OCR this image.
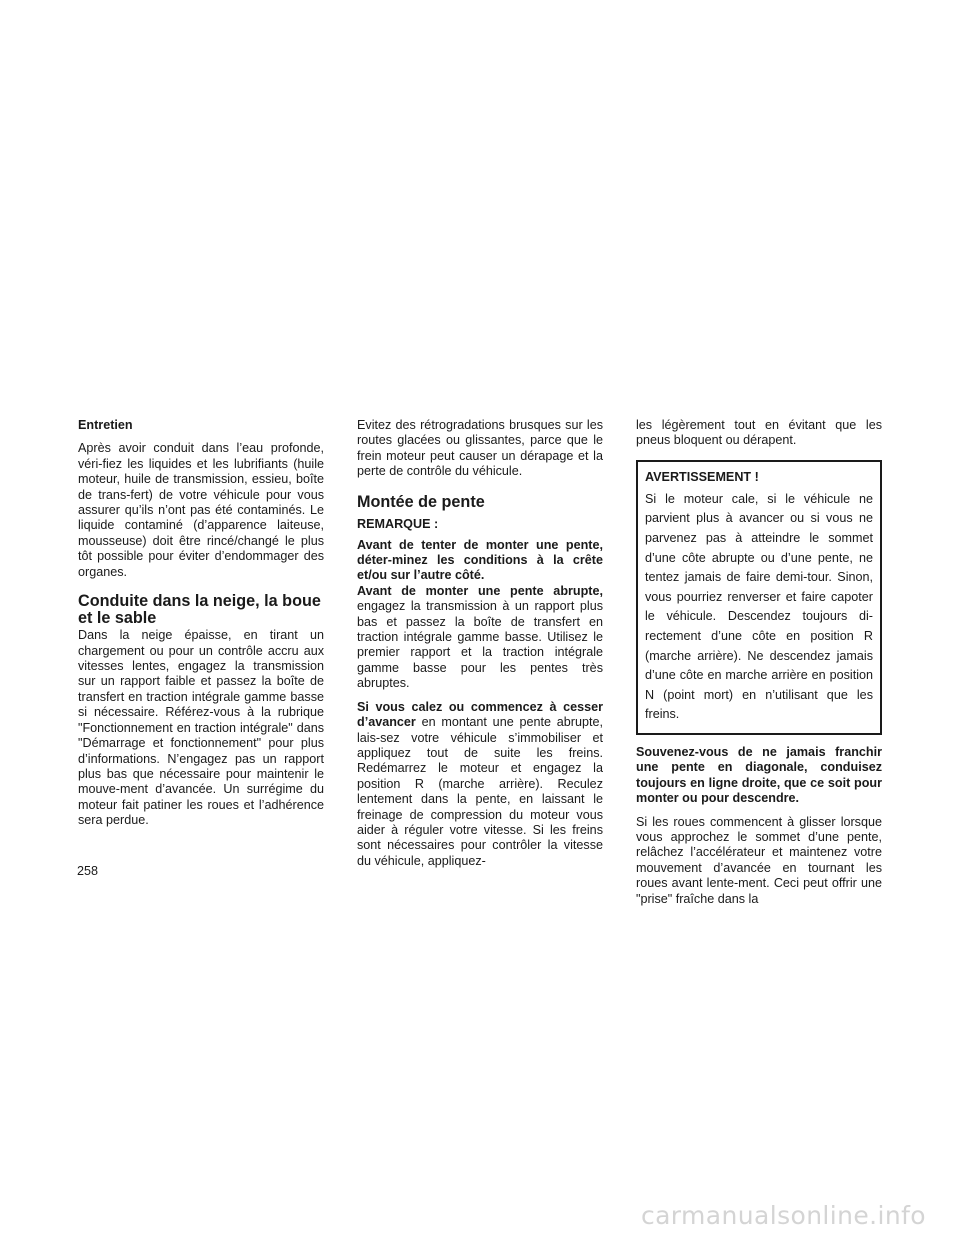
Entretien

Après avoir conduit dans l’eau profonde, véri-fiez les liquides et les lubrifiants (huile moteur, huile de transmission, essieu, boîte de trans-fert) de votre véhicule pour vous assurer qu’ils n’ont pas été contaminés. Le liquide contaminé (d’apparence laiteuse, mousseuse) doit être rincé/changé le plus tôt possible pour éviter d’endommager des organes.

Conduite dans la neige, la boue et le sable

Dans la neige épaisse, en tirant un chargement ou pour un contrôle accru aux vitesses lentes, engagez la transmission sur un rapport faible et passez la boîte de transfert en traction intégrale gamme basse si nécessaire. Référez-vous à la rubrique "Fonctionnement en traction intégrale" dans "Démarrage et fonctionnement" pour plus d’informations. N’engagez pas un rapport plus bas que nécessaire pour maintenir le mouve-ment d’avancée. Un surrégime du moteur fait patiner les roues et l’adhérence sera perdue.

Evitez des rétrogradations brusques sur les routes glacées ou glissantes, parce que le frein moteur peut causer un dérapage et la perte de contrôle du véhicule.

Montée de pente

REMARQUE :

Avant de tenter de monter une pente, déter-minez les conditions à la crête et/ou sur l’autre côté.

Avant de monter une pente abrupte, engagez la transmission à un rapport plus bas et passez la boîte de transfert en traction intégrale gamme basse. Utilisez le premier rapport et la traction intégrale gamme basse pour les pentes très abruptes.

Si vous calez ou commencez à cesser d’avancer en montant une pente abrupte, lais-sez votre véhicule s’immobiliser et appliquez tout de suite les freins. Redémarrez le moteur et engagez la position R (marche arrière). Reculez lentement dans la pente, en laissant le freinage de compression du moteur vous aider à réguler votre vitesse. Si les freins sont nécessaires pour contrôler la vitesse du véhicule, appliquez-

les légèrement tout en évitant que les pneus bloquent ou dérapent.

AVERTISSEMENT !
Si le moteur cale, si le véhicule ne parvient plus à avancer ou si vous ne parvenez pas à atteindre le sommet d’une côte abrupte ou d’une pente, ne tentez jamais de faire demi-tour. Sinon, vous pourriez renverser et faire capoter le véhicule. Descendez toujours di-rectement d’une côte en position R (marche arrière). Ne descendez jamais d’une côte en marche arrière en position N (point mort) en n’utilisant que les freins.

Souvenez-vous de ne jamais franchir une pente en diagonale, conduisez toujours en ligne droite, que ce soit pour monter ou pour descendre.

Si les roues commencent à glisser lorsque vous approchez le sommet d’une pente, relâchez l’accélérateur et maintenez votre mouvement d’avancée en tournant les roues avant lente-ment. Ceci peut offrir une "prise" fraîche dans la

258
carmanualsonline.info
